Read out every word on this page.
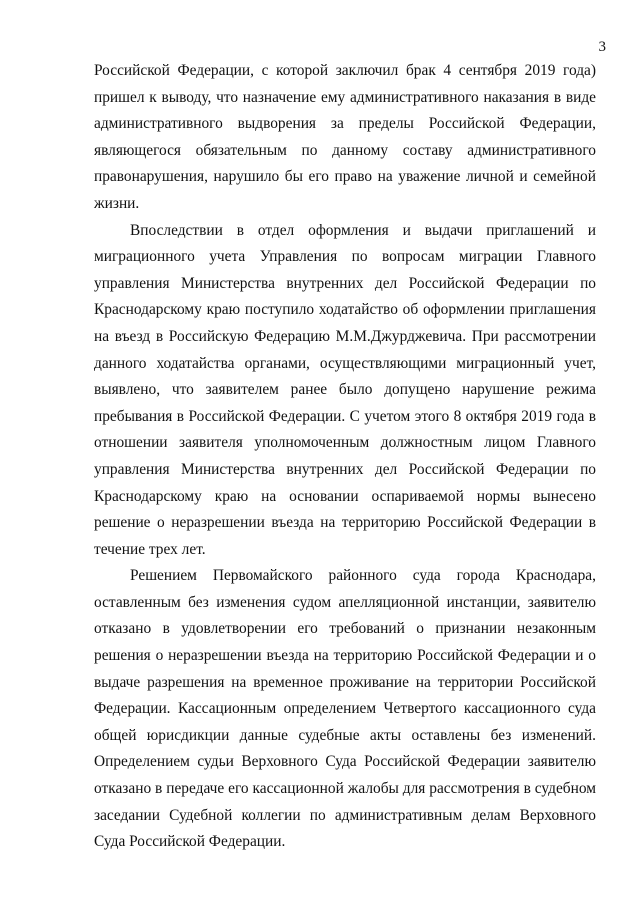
3

Российской Федерации, с которой заключил брак 4 сентября 2019 года) пришел к выводу, что назначение ему административного наказания в виде административного выдворения за пределы Российской Федерации, являющегося обязательным по данному составу административного правонарушения, нарушило бы его право на уважение личной и семейной жизни.

Впоследствии в отдел оформления и выдачи приглашений и миграционного учета Управления по вопросам миграции Главного управления Министерства внутренних дел Российской Федерации по Краснодарскому краю поступило ходатайство об оформлении приглашения на въезд в Российскую Федерацию М.М.Джурджевича. При рассмотрении данного ходатайства органами, осуществляющими миграционный учет, выявлено, что заявителем ранее было допущено нарушение режима пребывания в Российской Федерации. С учетом этого 8 октября 2019 года в отношении заявителя уполномоченным должностным лицом Главного управления Министерства внутренних дел Российской Федерации по Краснодарскому краю на основании оспариваемой нормы вынесено решение о неразрешении въезда на территорию Российской Федерации в течение трех лет.

Решением Первомайского районного суда города Краснодара, оставленным без изменения судом апелляционной инстанции, заявителю отказано в удовлетворении его требований о признании незаконным решения о неразрешении въезда на территорию Российской Федерации и о выдаче разрешения на временное проживание на территории Российской Федерации. Кассационным определением Четвертого кассационного суда общей юрисдикции данные судебные акты оставлены без изменений. Определением судьи Верховного Суда Российской Федерации заявителю отказано в передаче его кассационной жалобы для рассмотрения в судебном заседании Судебной коллегии по административным делам Верховного Суда Российской Федерации.
